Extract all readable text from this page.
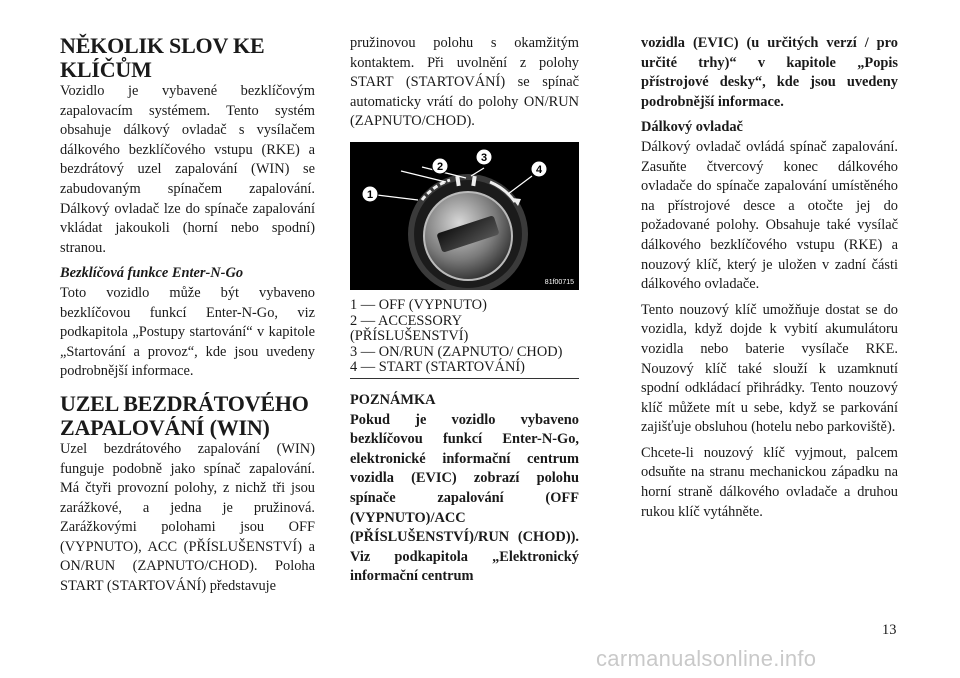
NĚKOLIK SLOV KE KLÍČŮM

Vozidlo je vybavené bezklíčovým zapalovacím systémem. Tento systém obsahuje dálkový ovladač s vysílačem dálkového bezklíčového vstupu (RKE) a bezdrátový uzel zapalování (WIN) se zabudovaným spínačem zapalování. Dálkový ovladač lze do spínače zapalování vkládat jakoukoli (horní nebo spodní) stranou.

Bezklíčová funkce Enter-N-Go

Toto vozidlo může být vybaveno bezklíčovou funkcí Enter-N-Go, viz podkapitola „Postupy startování“ v kapitole „Startování a provoz“, kde jsou uvedeny podrobnější informace.

UZEL BEZDRÁTOVÉHO ZAPALOVÁNÍ (WIN)

Uzel bezdrátového zapalování (WIN) funguje podobně jako spínač zapalování. Má čtyři provozní polohy, z nichž tři jsou zarážkové, a jedna je pružinová. Zarážkovými polohami jsou OFF (VYPNUTO), ACC (PŘÍSLUŠENSTVÍ) a ON/RUN (ZAPNUTO/CHOD). Poloha START (STARTOVÁNÍ) představuje

pružinovou polohu s okamžitým kontaktem. Při uvolnění z polohy START (STARTOVÁNÍ) se spínač automaticky vrátí do polohy ON/RUN (ZAPNUTO/CHOD).

1
2
3
4
81f00715
1 — OFF (VYPNUTO)
2 — ACCESSORY (PŘÍSLUŠENSTVÍ)
3 — ON/RUN (ZAPNUTO/ CHOD)
4 — START (STARTOVÁNÍ)
POZNÁMKA

Pokud je vozidlo vybaveno bezklíčovou funkcí Enter-N-Go, elektronické informační centrum vozidla (EVIC) zobrazí polohu spínače zapalování (OFF (VYPNUTO)/ACC (PŘÍSLUŠENSTVÍ)/RUN (CHOD)). Viz podkapitola „Elektronický informační centrum

vozidla (EVIC) (u určitých verzí / pro určité trhy)“ v kapitole „Popis přístrojové desky“, kde jsou uvedeny podrobnější informace.

Dálkový ovladač

Dálkový ovladač ovládá spínač zapalování. Zasuňte čtvercový konec dálkového ovladače do spínače zapalování umístěného na přístrojové desce a otočte jej do požadované polohy. Obsahuje také vysílač dálkového bezklíčového vstupu (RKE) a nouzový klíč, který je uložen v zadní části dálkového ovladače.

Tento nouzový klíč umožňuje dostat se do vozidla, když dojde k vybití akumulátoru vozidla nebo baterie vysílače RKE. Nouzový klíč také slouží k uzamknutí spodní odkládací přihrádky. Tento nouzový klíč můžete mít u sebe, když se parkování zajišťuje obsluhou (hotelu nebo parkoviště).

Chcete-li nouzový klíč vyjmout, palcem odsuňte na stranu mechanickou západku na horní straně dálkového ovladače a druhou rukou klíč vytáhněte.

13
carmanualsonline.info
